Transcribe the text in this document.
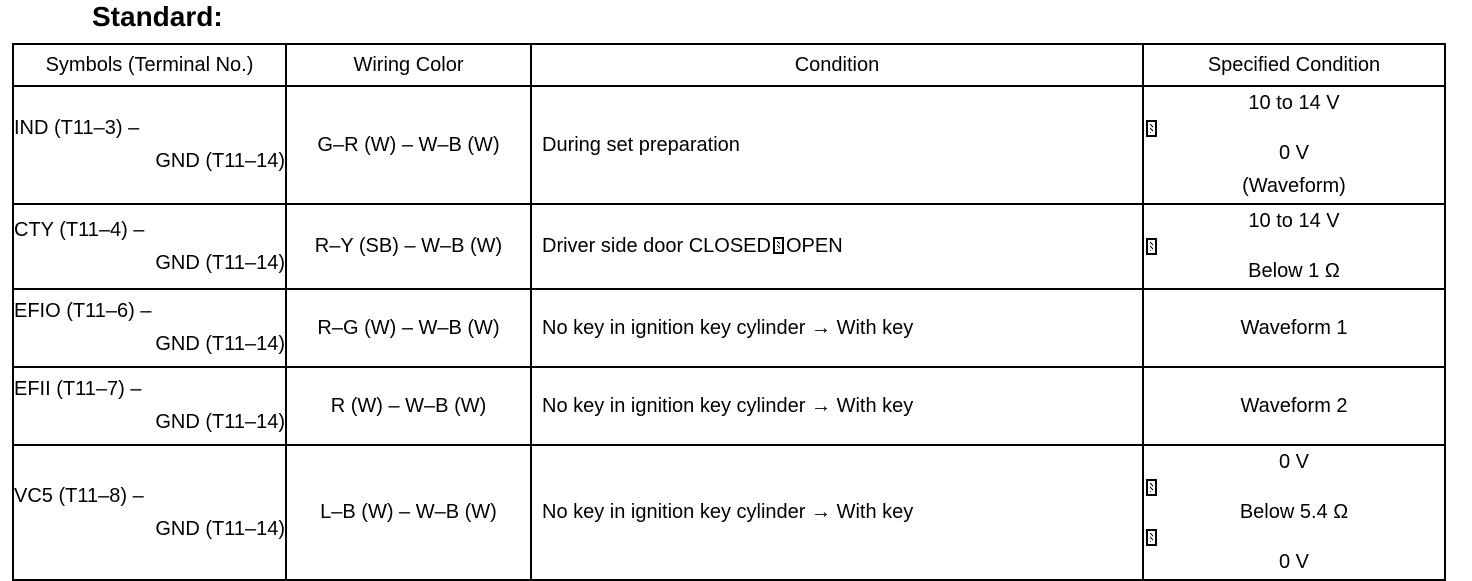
Standard:
Symbols (Terminal No.)	Wiring Color	Condition	Specified Condition

IND (T11–3) –
GND (T11–14)	G–R (W) – W–B (W)	During set preparation	10 to 14 V
0 V
(Waveform)

CTY (T11–4) –
GND (T11–14)	R–Y (SB) – W–B (W)	Driver side door CLOSED OPEN	10 to 14 V
Below 1 Ω

EFIO (T11–6) –
GND (T11–14)	R–G (W) – W–B (W)	No key in ignition key cylinder → With key	Waveform 1

EFII (T11–7) –
GND (T11–14)	R (W) – W–B (W)	No key in ignition key cylinder → With key	Waveform 2

VC5 (T11–8) –
GND (T11–14)	L–B (W) – W–B (W)	No key in ignition key cylinder → With key	0 V
Below 5.4 Ω
0 V
